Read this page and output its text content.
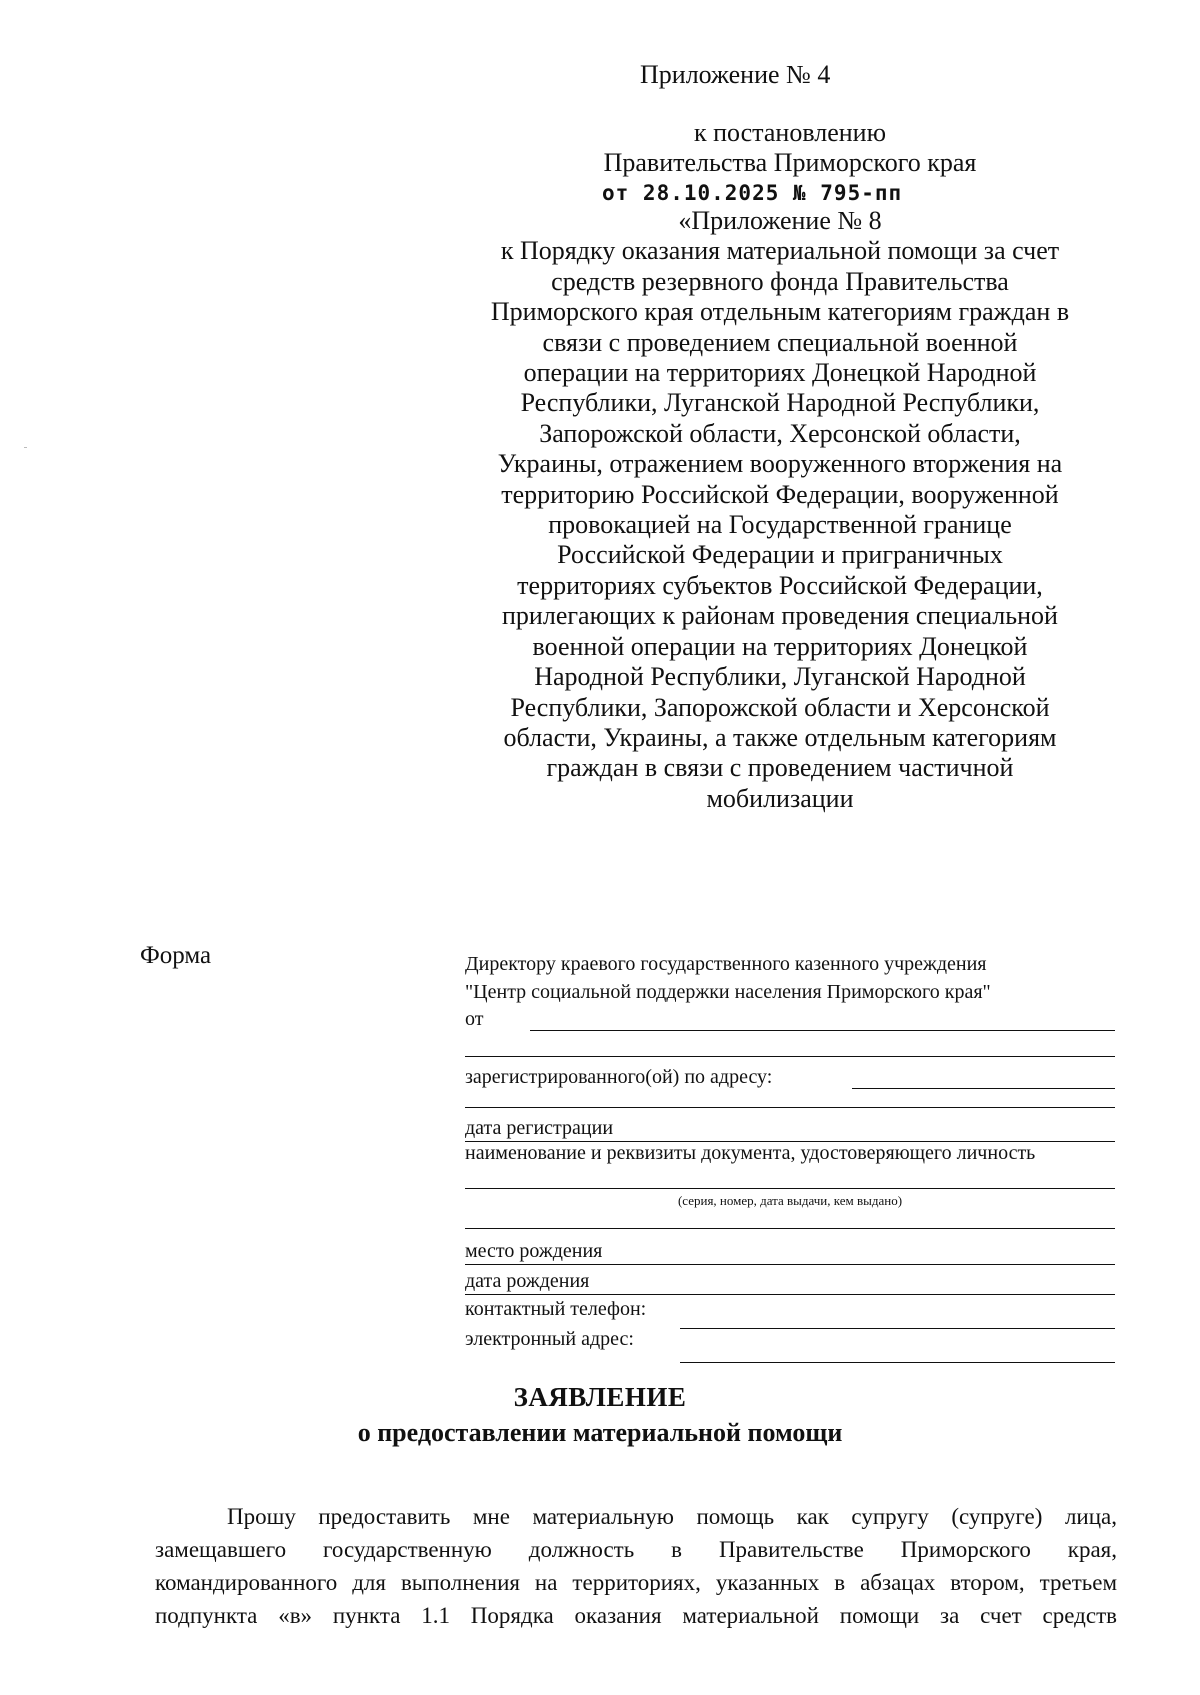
Приложение № 4
к постановлению
Правительства Приморского края
от 28.10.2025 № 795-пп
«Приложение № 8
к Порядку оказания материальной помощи за счет
средств резервного фонда Правительства
Приморского края отдельным категориям граждан в
связи с проведением специальной военной
операции на территориях Донецкой Народной
Республики, Луганской Народной Республики,
Запорожской области, Херсонской области,
Украины, отражением вооруженного вторжения на
территорию Российской Федерации, вооруженной
провокацией на Государственной границе
Российской Федерации и приграничных
территориях субъектов Российской Федерации,
прилегающих к районам проведения специальной
военной операции на территориях Донецкой
Народной Республики, Луганской Народной
Республики, Запорожской области и Херсонской
области, Украины, а также отдельным категориям
граждан в связи с проведением частичной
мобилизации
Форма	Директору краевого государственного казенного учреждения
"Центр социальной поддержки населения Приморского края"
от
зарегистрированного(ой) по адресу:
дата регистрации
наименование и реквизиты документа, удостоверяющего личность
(серия, номер, дата выдачи, кем выдано)
место рождения
дата рождения
контактный телефон:
электронный адрес:
ЗАЯВЛЕНИЕ
о предоставлении материальной помощи
Прошу предоставить мне материальную помощь как супругу (супруге) лица,
замещавшего государственную должность в Правительстве Приморского края,
командированного для выполнения на территориях, указанных в абзацах втором, третьем
подпункта «в» пункта 1.1 Порядка оказания материальной помощи за счет средств
